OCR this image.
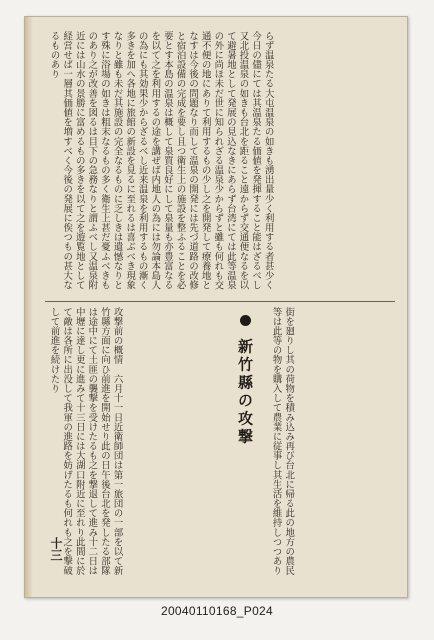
らず温泉たる大屯温泉の如きも湧出量少く利用する者甚少く今日の儘にては其温泉たる価値を発揮すること能はざるべし又北投温泉の如きも台北を距ること遠からず交通便なるを以て避暑地として発展の見込なきにあらず台湾にては此等温泉の外に尚ほ未だ世に知られざる温泉少からずと雖も何れも交通不便の地にありて利用するもの少し之を開発して療養地となすは今後の問題なり而して温泉の開発には先づ道路の改修と宿泊設備の完成を要し且つ衛生上の施設を整ふることを必要とす本島の温泉は概して泉質良好にして泉量も亦豊富なるを以て之を利用するの途を講ぜば内地人の為には勿論本島人の為にも其効果少からざるべし近来温泉を利用するもの漸く多きを加へ各地に旅館の新設を見るに至れるは喜ぶべき現象なりと雖も未だ其施設の完全なるものに乏しきは遺憾なりとす殊に浴場の如きは粗末なるもの多く衛生上甚だ憂ふべきものあり之が改善を図るは目下の急務なりと謂ふべし又温泉附近には山水の景勝に富めるもの多きを以て之を遊覧地として経営せば一層其価値を増すべく今後の発展に俟つもの甚大なるものあり
街を廻りし其の荷物を積み込み再び台北に帰る此の地方の農民等は此等の物を購入して農業に従事し其生活を維持しつつあり
新竹縣の攻撃
攻撃前の概情　六月十一日近衛師団は第一旅団の一部を以て新竹縣方面に向ひ前進を開始せり此の日午後台北を発したる部隊は途中にて土匪の襲撃を受けたるも之を撃退して進み十二日は中壢に達し更に進みて十三日には大湖口附近に至れり此間に於て敵は各所に出没して我軍の進路を妨げたるも何れも之を撃破して前進を続けたり
十三
20040110168_P024
